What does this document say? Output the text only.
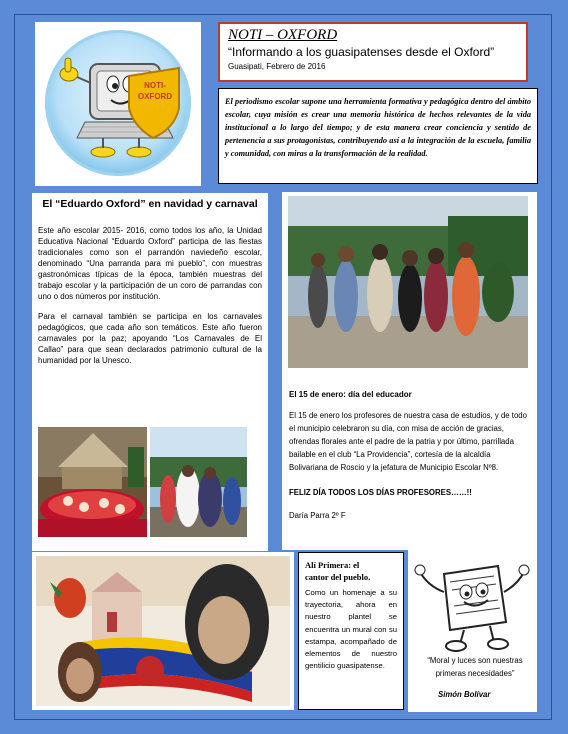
NOTI-
OXFORD
NOTI – OXFORD
“Informando a los guasipatenses desde el Oxford”
Guasipati, Febrero de 2016
El periodismo escolar supone una herramienta formativa y pedagógica dentro del ámbito escolar, cuya misión es crear una memoria histórica de hechos relevantes de la vida institucional a lo largo del tiempo; y de esta manera crear conciencia y sentido de pertenencia a sus protagonistas, contribuyendo así a la integración de la escuela, familia y comunidad, con miras a la transformación de la realidad.
El “Eduardo Oxford” en navidad y carnaval

Este año escolar 2015- 2016, como todos los año, la Unidad Educativa Nacional “Eduardo Oxford” participa de las fiestas tradicionales como son el parrandón naviedeño escolar, denominado “Una parranda para mi pueblo”, con muestras gastronómicas típicas de la época, también muestras del trabajo escolar y la participación de un coro de parrandas con uno o dos números por institución.

Para el carnaval también se participa en los carnavales pedagógicos, que cada año son temáticos. Este año fueron carnavales por la paz; apoyando “Los Carnavales de El Callao” para que sean declarados patrimonio cultural de la humanidad por la Unesco.

El 15 de enero: día del educador

El 15 de enero los profesores de nuestra casa de estudios, y de todo el municipio celebraron su día, con misa de acción de gracias, ofrendas florales ante el padre de la patria y por último, parrillada bailable en el club “La Providencia”, cortesía de la alcaldía Bolivariana de Roscio y la jefatura de Municipio Escolar Nº8.

FELIZ DÍA TODOS LOS DÍAS PROFESORES……!!

Daría Parra 2º F

Alí Primera: el
cantor del pueblo.

Como un homenaje a su trayectoria, ahora en nuestro plantel se encuentra un mural con su estampa, acompañado de elementos de nuestro gentilicio guasipatense.

“Moral y luces son nuestras primeras necesidades”
Simón Bolívar
